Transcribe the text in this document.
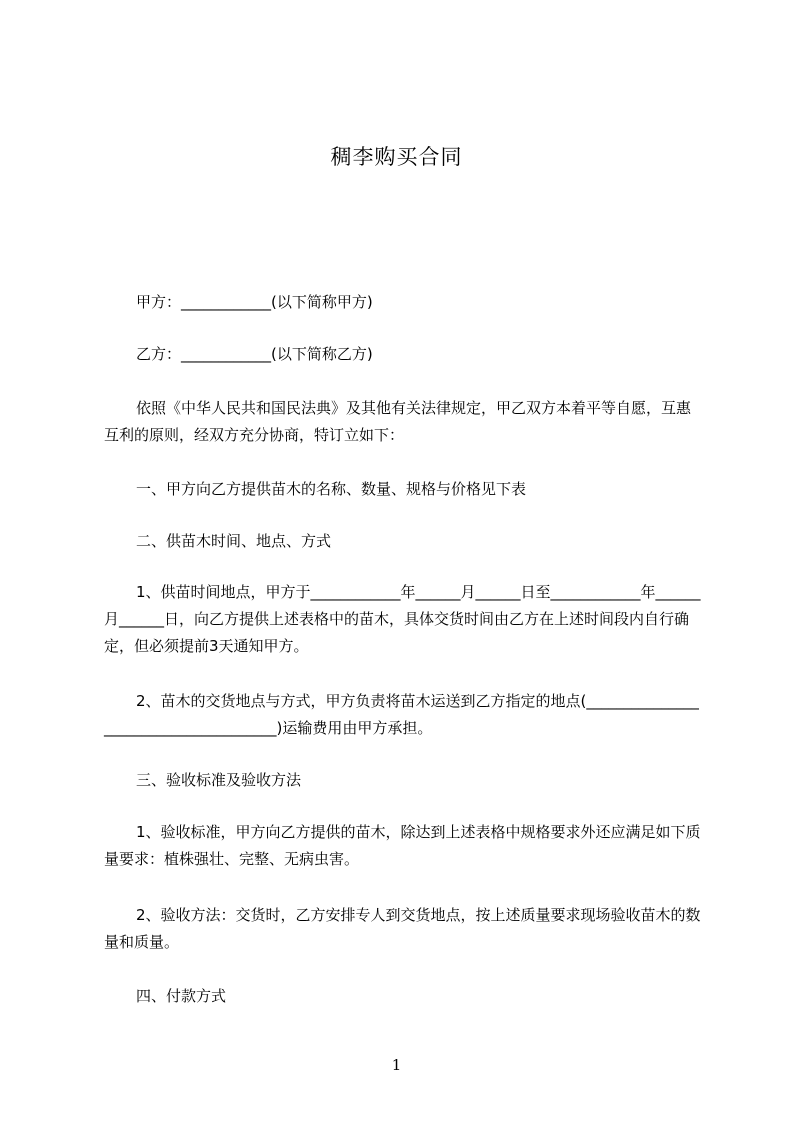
稠李购买合同
甲方：____________(以下简称甲方)
乙方：____________(以下简称乙方)
依照《中华人民共和国民法典》及其他有关法律规定，甲乙双方本着平等自愿，互惠互利的原则，经双方充分协商，特订立如下：
一、甲方向乙方提供苗木的名称、数量、规格与价格见下表
二、供苗木时间、地点、方式
1、供苗时间地点，甲方于____________年______月______日至____________年______月______日，向乙方提供上述表格中的苗木，具体交货时间由乙方在上述时间段内自行确定，但必须提前3天通知甲方。
2、苗木的交货地点与方式，甲方负责将苗木运送到乙方指定的地点(______________________________________)运输费用由甲方承担。
三、验收标准及验收方法
1、验收标准，甲方向乙方提供的苗木，除达到上述表格中规格要求外还应满足如下质量要求：植株强壮、完整、无病虫害。
2、验收方法：交货时，乙方安排专人到交货地点，按上述质量要求现场验收苗木的数量和质量。
四、付款方式
1
